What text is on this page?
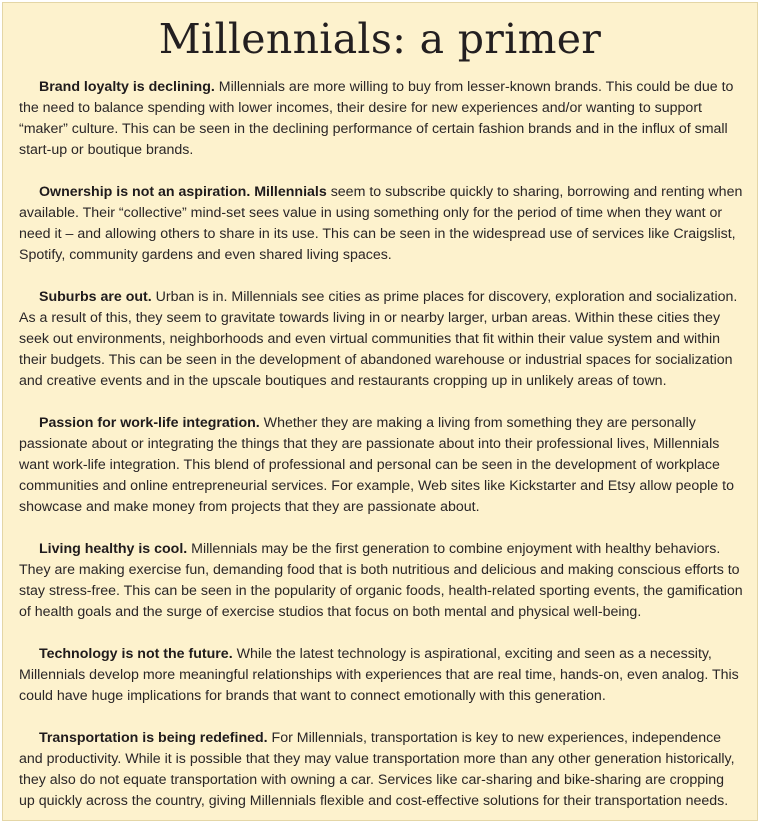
Millennials: a primer

Brand loyalty is declining. Millennials are more willing to buy from lesser-known brands. This could be due to the need to balance spending with lower incomes, their desire for new experiences and/or wanting to support “maker” culture. This can be seen in the declining performance of certain fashion brands and in the influx of small start-up or boutique brands.

Ownership is not an aspiration. Millennials seem to subscribe quickly to sharing, borrowing and renting when available. Their “collective” mind-set sees value in using something only for the period of time when they want or need it – and allowing others to share in its use. This can be seen in the widespread use of services like Craigslist, Spotify, community gardens and even shared living spaces.

Suburbs are out. Urban is in. Millennials see cities as prime places for discovery, exploration and socialization. As a result of this, they seem to gravitate towards living in or nearby larger, urban areas. Within these cities they seek out environments, neighborhoods and even virtual communities that fit within their value system and within their budgets. This can be seen in the development of abandoned warehouse or industrial spaces for socialization and creative events and in the upscale boutiques and restaurants cropping up in unlikely areas of town.

Passion for work-life integration. Whether they are making a living from something they are personally passionate about or integrating the things that they are passionate about into their professional lives, Millennials want work-life integration. This blend of professional and personal can be seen in the development of workplace communities and online entrepreneurial services. For example, Web sites like Kickstarter and Etsy allow people to showcase and make money from projects that they are passionate about.

Living healthy is cool. Millennials may be the first generation to combine enjoyment with healthy behaviors. They are making exercise fun, demanding food that is both nutritious and delicious and making conscious efforts to stay stress-free. This can be seen in the popularity of organic foods, health-related sporting events, the gamification of health goals and the surge of exercise studios that focus on both mental and physical well-being.

Technology is not the future. While the latest technology is aspirational, exciting and seen as a necessity, Millennials develop more meaningful relationships with experiences that are real time, hands-on, even analog. This could have huge implications for brands that want to connect emotionally with this generation.

Transportation is being redefined. For Millennials, transportation is key to new experiences, independence and productivity. While it is possible that they may value transportation more than any other generation historically, they also do not equate transportation with owning a car. Services like car-sharing and bike-sharing are cropping up quickly across the country, giving Millennials flexible and cost-effective solutions for their transportation needs.
